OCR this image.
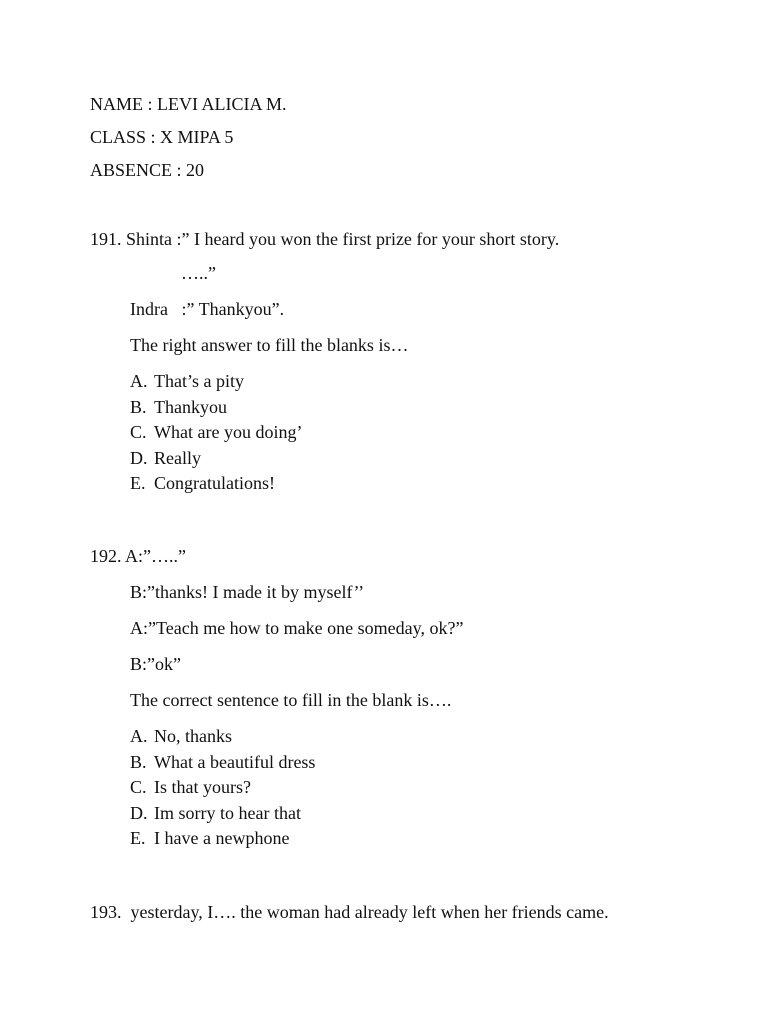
NAME : LEVI ALICIA M.
CLASS : X MIPA 5
ABSENCE : 20
191. Shinta :” I heard you won the first prize for your short story.
…..”
Indra   :” Thankyou”.
The right answer to fill the blanks is…
A. That’s a pity
B. Thankyou
C. What are you doing’
D. Really
E. Congratulations!
192. A:”…..”
B:”thanks! I made it by myself’’
A:”Teach me how to make one someday, ok?”
B:”ok”
The correct sentence to fill in the blank is….
A. No, thanks
B. What a beautiful dress
C. Is that yours?
D. Im sorry to hear that
E. I have a newphone
193.  yesterday, I…. the woman had already left when her friends came.
